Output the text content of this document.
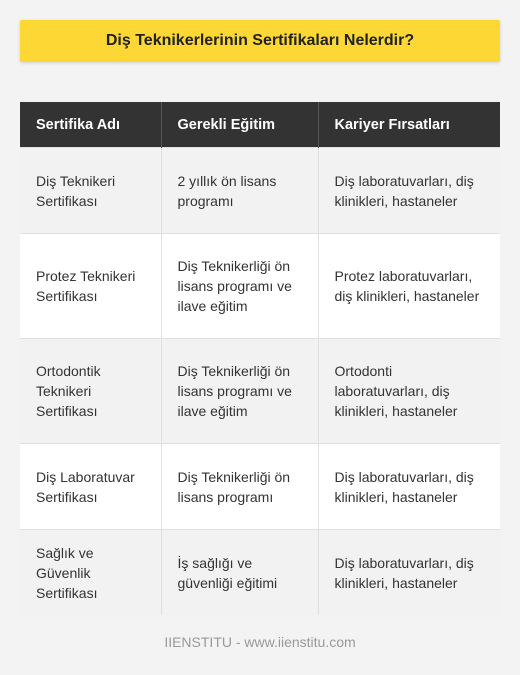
Diş Teknikerlerinin Sertifikaları Nelerdir?
Sertifika Adı	Gerekli Eğitim	Kariyer Fırsatları
Diş Teknikeri Sertifikası	2 yıllık ön lisans programı	Diş laboratuvarları, diş klinikleri, hastaneler
Protez Teknikeri Sertifikası	Diş Teknikerliği ön lisans programı ve ilave eğitim	Protez laboratuvarları, diş klinikleri, hastaneler
Ortodontik Teknikeri Sertifikası	Diş Teknikerliği ön lisans programı ve ilave eğitim	Ortodonti laboratuvarları, diş klinikleri, hastaneler
Diş Laboratuvar Sertifikası	Diş Teknikerliği ön lisans programı	Diş laboratuvarları, diş klinikleri, hastaneler
Sağlık ve Güvenlik Sertifikası	İş sağlığı ve güvenliği eğitimi	Diş laboratuvarları, diş klinikleri, hastaneler
IIENSTITU - www.iienstitu.com
